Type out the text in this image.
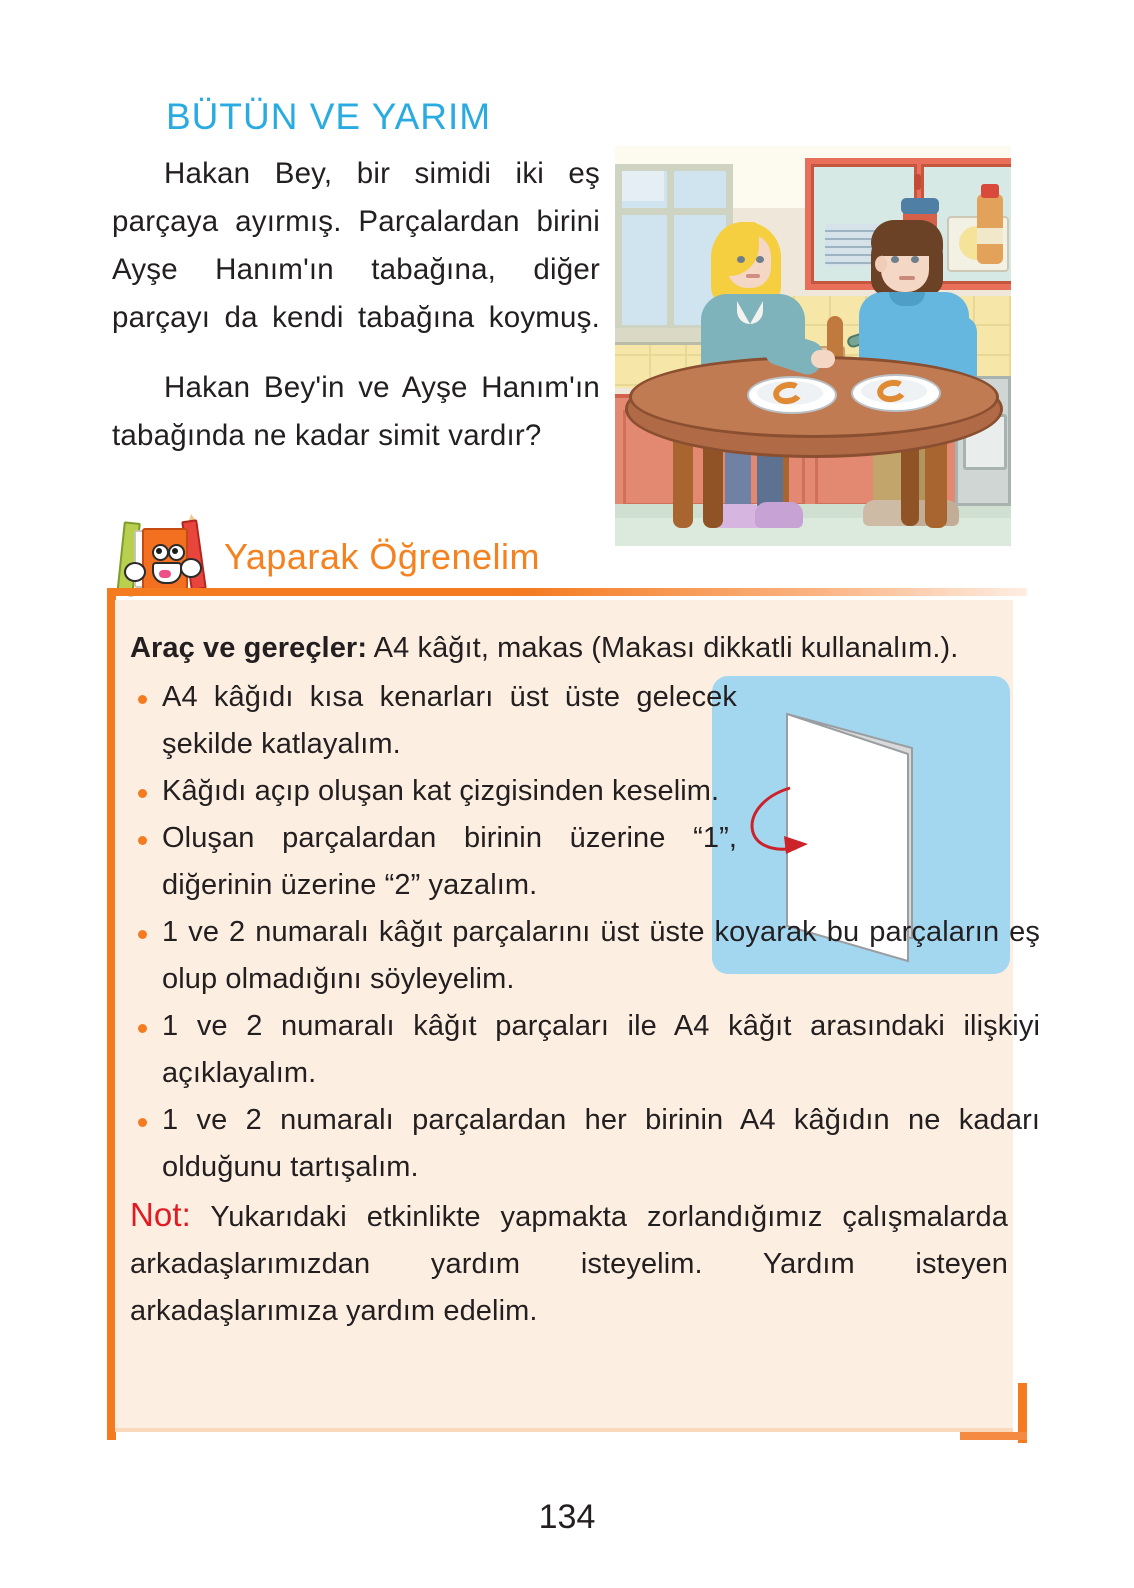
BÜTÜN VE YARIM

Hakan Bey, bir simidi iki eş parçaya ayırmış. Parçalardan birini Ayşe Hanım'ın tabağına, diğer parçayı da kendi tabağına koymuş.

Hakan Bey'in ve Ayşe Hanım'ın tabağında ne kadar simit vardır?

Yaparak Öğrenelim

Araç ve gereçler: A4 kâğıt, makas (Makası dikkatli kullanalım.).

A4 kâğıdı kısa kenarları üst üste gelecek şekilde katlayalım.
Kâğıdı açıp oluşan kat çizgisinden keselim.
Oluşan parçalardan birinin üzerine “1”, diğerinin üzerine “2” yazalım.
1 ve 2 numaralı kâğıt parçalarını üst üste koyarak bu parçaların eş olup olmadığını söyleyelim.
1 ve 2 numaralı kâğıt parçaları ile A4 kâğıt arasındaki ilişkiyi açıklayalım.
1 ve 2 numaralı parçalardan her birinin A4 kâğıdın ne kadarı olduğunu tartışalım.

Not: Yukarıdaki etkinlikte yapmakta zorlandığımız çalışmalarda arkadaşlarımızdan yardım isteyelim. Yardım isteyen arkadaşlarımıza yardım edelim.

134
